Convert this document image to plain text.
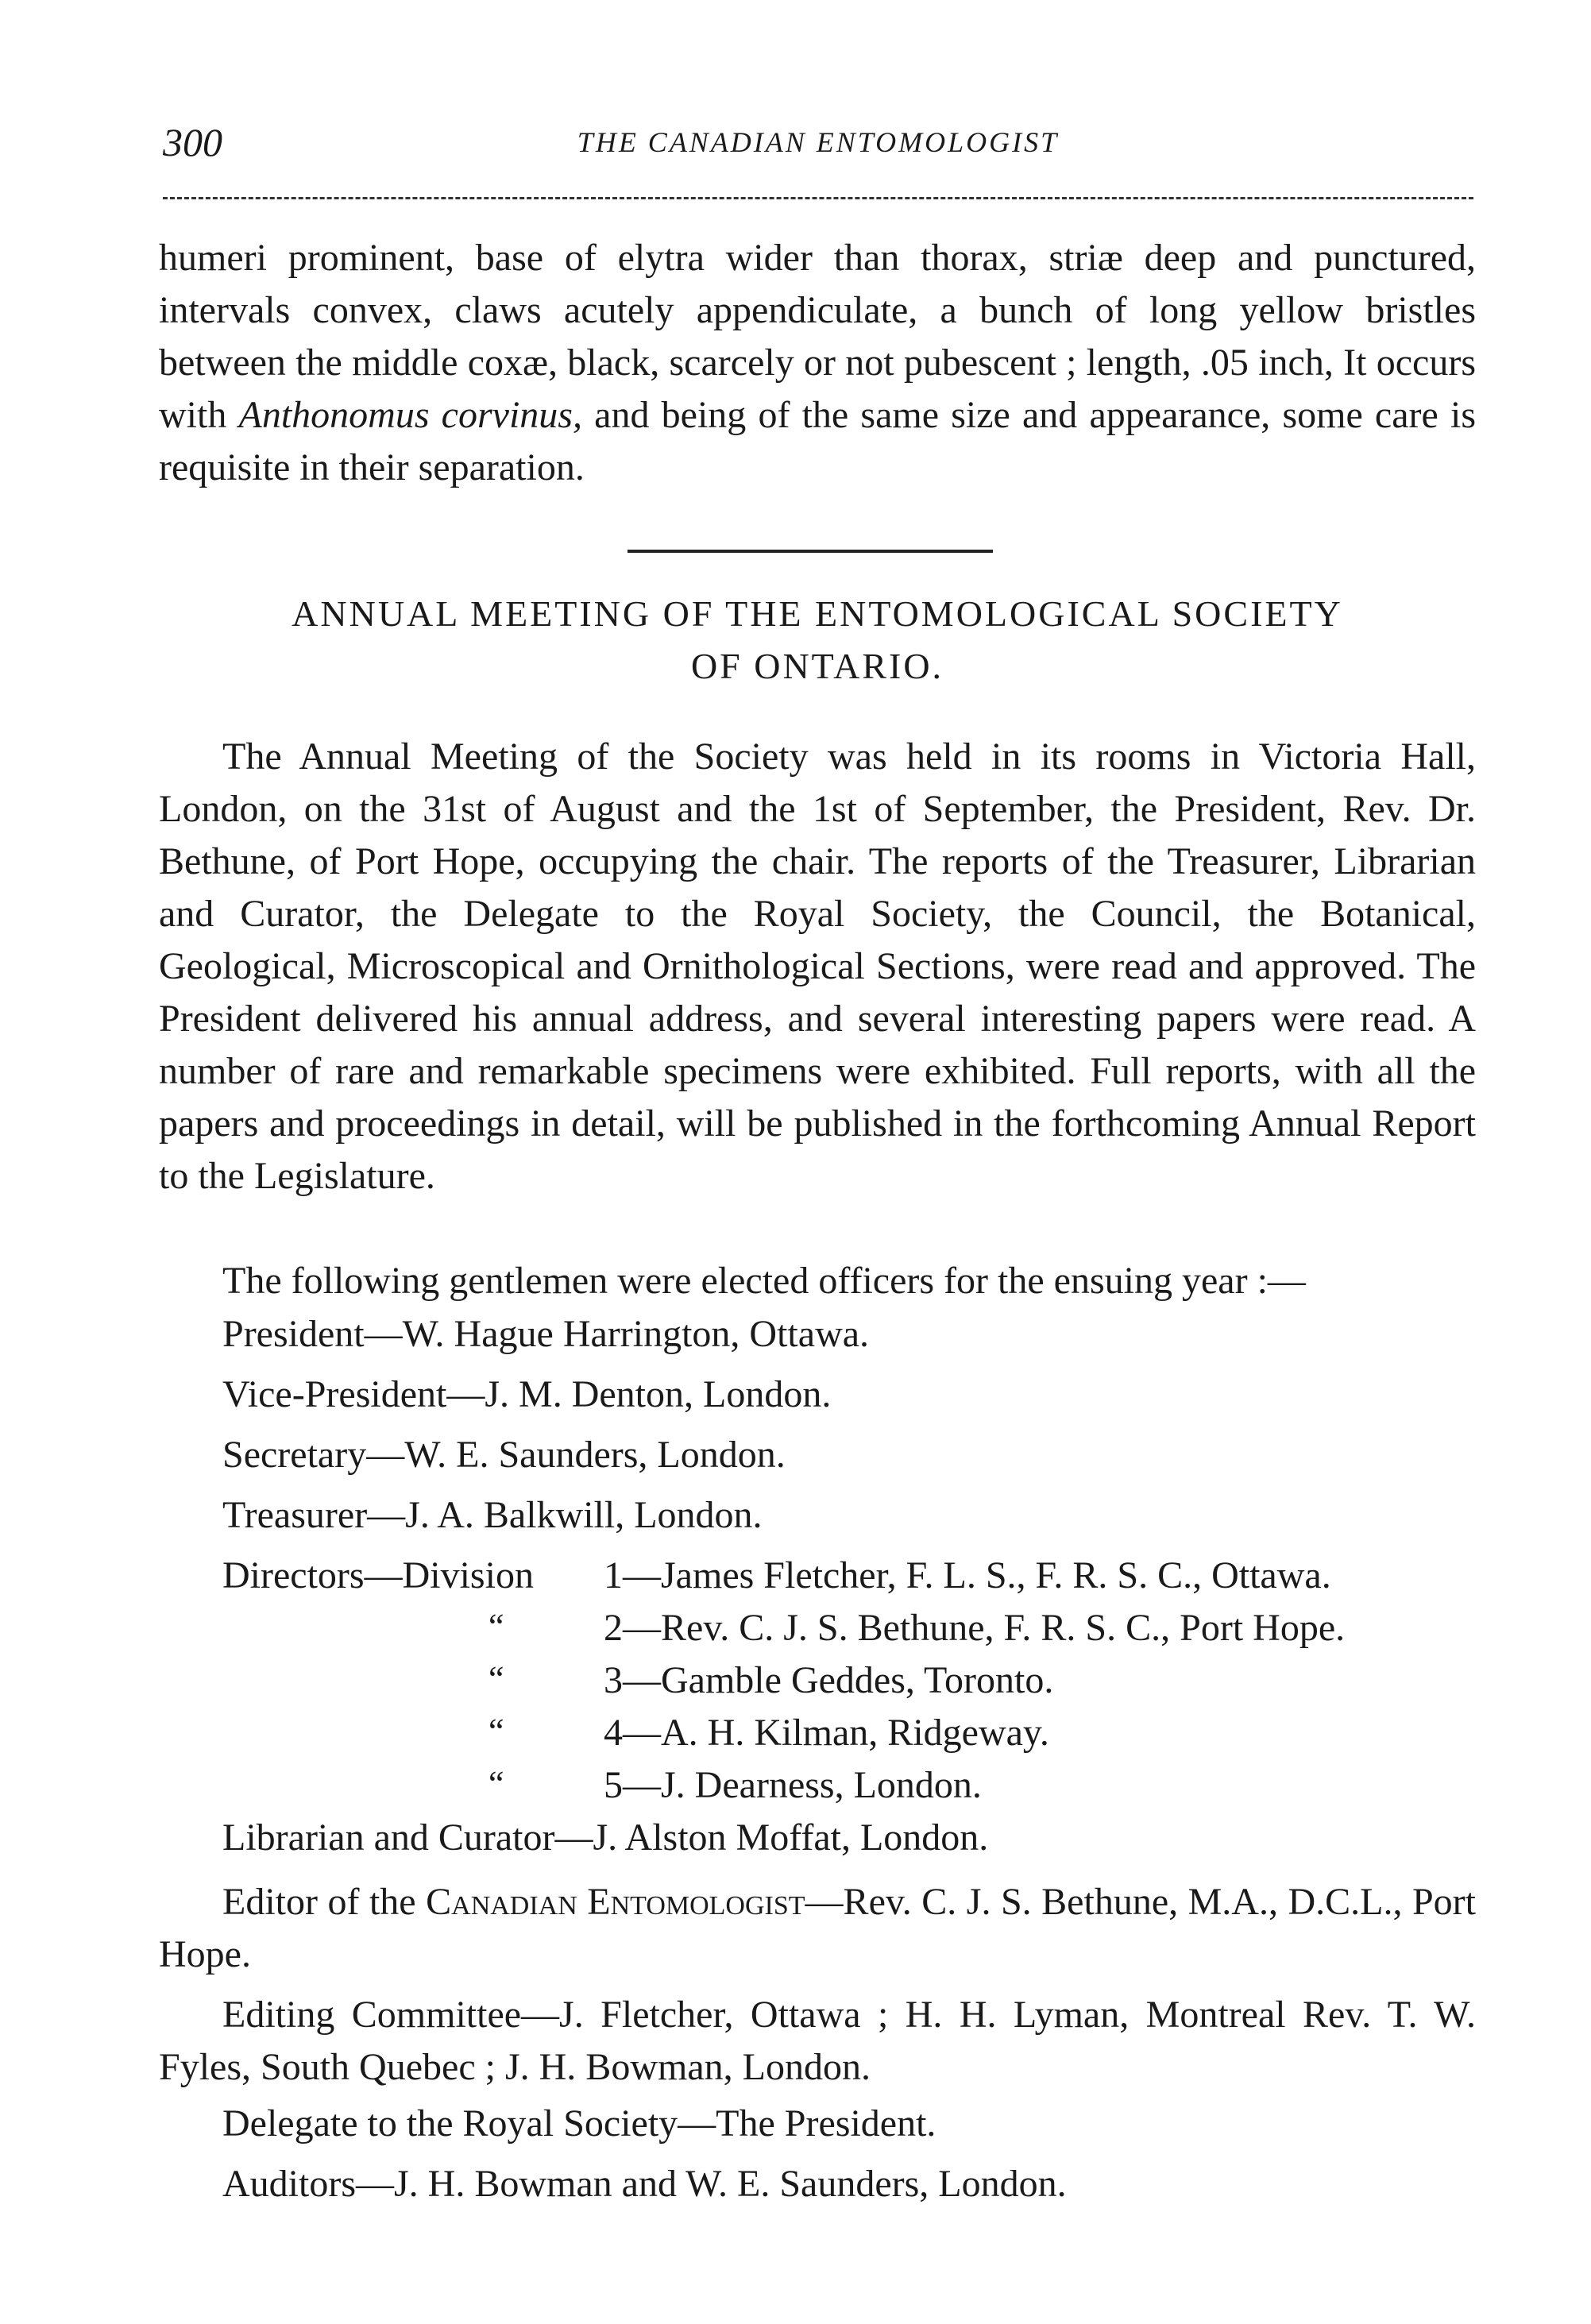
300	THE CANADIAN ENTOMOLOGIST

humeri prominent, base of elytra wider than thorax, striæ deep and punctured, intervals convex, claws acutely appendiculate, a bunch of long yellow bristles between the middle coxæ, black, scarcely or not pubescent ; length, .05 inch, It occurs with Anthonomus corvinus, and being of the same size and appearance, some care is requisite in their separation.

ANNUAL MEETING OF THE ENTOMOLOGICAL SOCIETY
OF ONTARIO.

The Annual Meeting of the Society was held in its rooms in Victoria Hall, London, on the 31st of August and the 1st of September, the President, Rev. Dr. Bethune, of Port Hope, occupying the chair. The reports of the Treasurer, Librarian and Curator, the Delegate to the Royal Society, the Council, the Botanical, Geological, Microscopical and Ornithological Sections, were read and approved. The President delivered his annual address, and several interesting papers were read. A number of rare and remarkable specimens were exhibited. Full reports, with all the papers and proceedings in detail, will be published in the forthcoming Annual Report to the Legislature.

The following gentlemen were elected officers for the ensuing year :—

President—W. Hague Harrington, Ottawa.

Vice-President—J. M. Denton, London.

Secretary—W. E. Saunders, London.

Treasurer—J. A. Balkwill, London.

Directors—Division 1—James Fletcher, F. L. S., F. R. S. C., Ottawa.
“	2—Rev. C. J. S. Bethune, F. R. S. C., Port Hope.
“	3—Gamble Geddes, Toronto.
“	4—A. H. Kilman, Ridgeway.
“	5—J. Dearness, London.

Librarian and Curator—J. Alston Moffat, London.

Editor of the Canadian Entomologist—Rev. C. J. S. Bethune, M.A., D.C.L., Port Hope.

Editing Committee—J. Fletcher, Ottawa ; H. H. Lyman, Montreal Rev. T. W. Fyles, South Quebec ; J. H. Bowman, London.

Delegate to the Royal Society—The President.

Auditors—J. H. Bowman and W. E. Saunders, London.
